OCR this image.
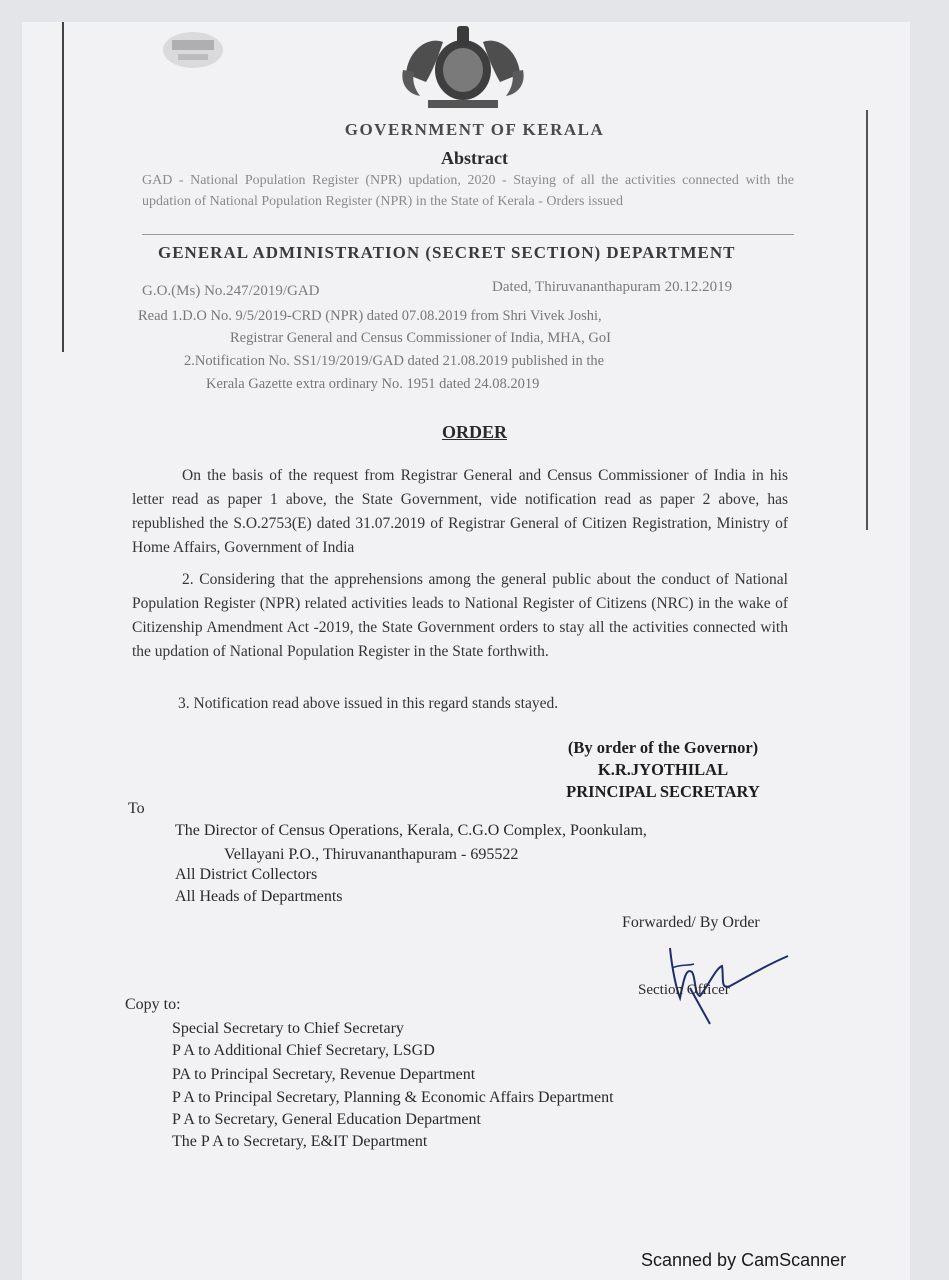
GOVERNMENT OF KERALA
Abstract
GAD - National Population Register (NPR) updation, 2020 - Staying of all the activities connected with the updation of National Population Register (NPR) in the State of Kerala - Orders issued
GENERAL ADMINISTRATION (SECRET SECTION) DEPARTMENT
G.O.(Ms) No.247/2019/GAD	Dated, Thiruvananthapuram 20.12.2019
Read 1.D.O No. 9/5/2019-CRD (NPR) dated 07.08.2019 from Shri Vivek Joshi,
Registrar General and Census Commissioner of India, MHA, GoI
2.Notification No. SS1/19/2019/GAD dated 21.08.2019 published in the
Kerala Gazette extra ordinary No. 1951 dated 24.08.2019
ORDER
On the basis of the request from Registrar General and Census Commissioner of India in his letter read as paper 1 above, the State Government, vide notification read as paper 2 above, has republished the S.O.2753(E) dated 31.07.2019 of Registrar General of Citizen Registration, Ministry of Home Affairs, Government of India
2. Considering that the apprehensions among the general public about the conduct of National Population Register (NPR) related activities leads to National Register of Citizens (NRC) in the wake of Citizenship Amendment Act -2019, the State Government orders to stay all the activities connected with the updation of National Population Register in the State forthwith.
3. Notification read above issued in this regard stands stayed.
(By order of the Governor)
K.R.JYOTHILAL
PRINCIPAL SECRETARY
To
The Director of Census Operations, Kerala, C.G.O Complex, Poonkulam,
Vellayani P.O., Thiruvananthapuram - 695522
All District Collectors
All Heads of Departments
Forwarded/ By Order
Section Officer
Copy to:
Special Secretary to Chief Secretary
P A to Additional Chief Secretary, LSGD
PA to Principal Secretary, Revenue Department
P A to Principal Secretary, Planning & Economic Affairs Department
P A to Secretary, General Education Department
The P A to Secretary, E&IT Department
Scanned by CamScanner
